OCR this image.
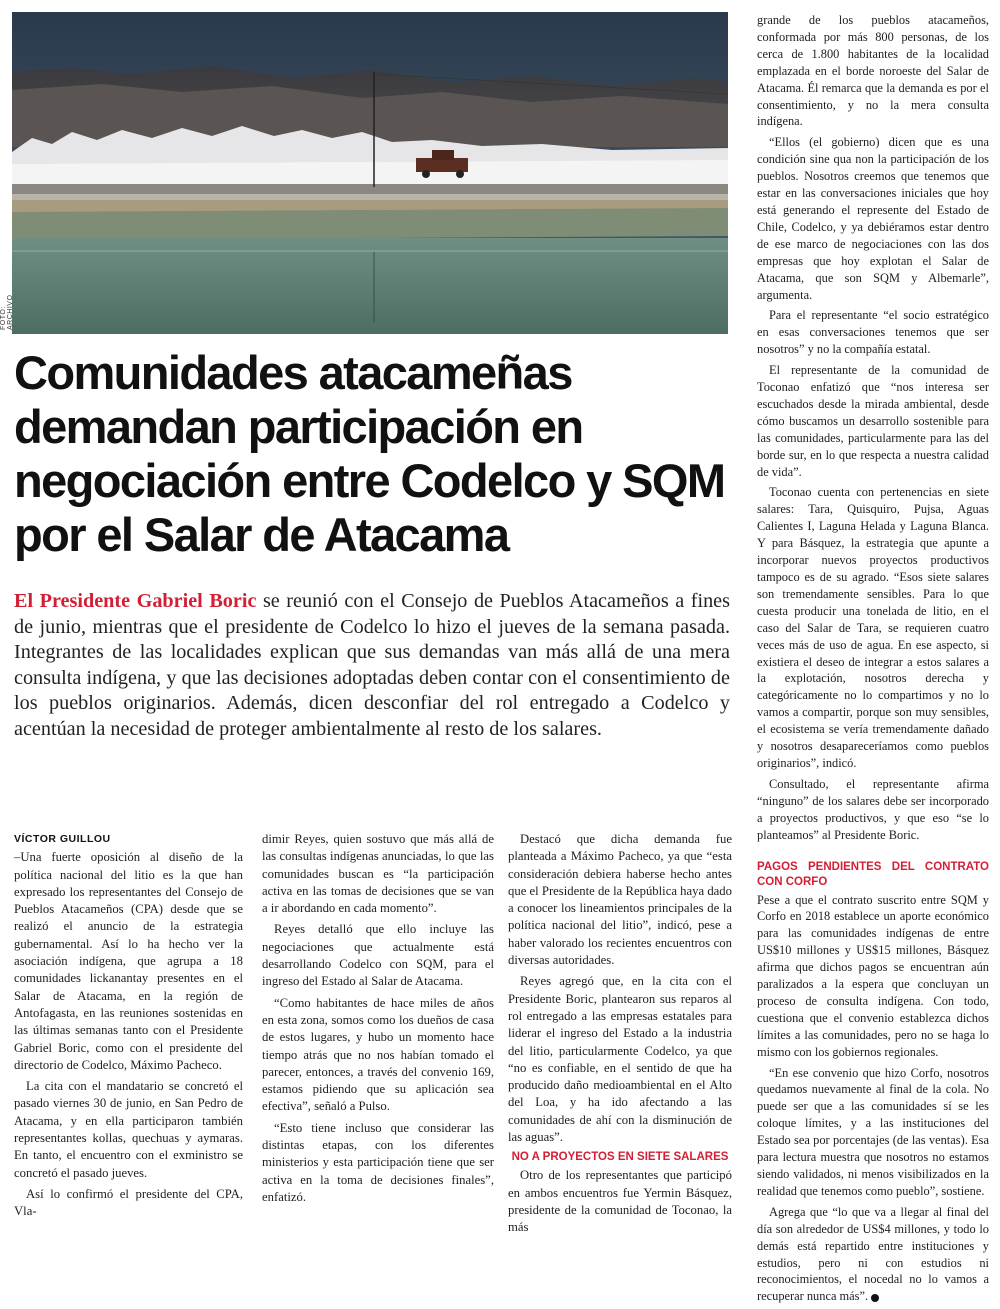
FOTO: ARCHIVO
Comunidades atacameñas demandan participación en negociación entre Codelco y SQM por el Salar de Atacama

El Presidente Gabriel Boric se reunió con el Consejo de Pueblos Atacameños a fines de junio, mientras que el presidente de Codelco lo hizo el jueves de la semana pasada. Integrantes de las localidades explican que sus demandas van más allá de una mera consulta indígena, y que las decisiones adoptadas deben contar con el consentimiento de los pueblos originarios. Además, dicen desconfiar del rol entregado a Codelco y acentúan la necesidad de proteger ambientalmente al resto de los salares.

VÍCTOR GUILLOU

–Una fuerte oposición al diseño de la política nacional del litio es la que han expresado los representantes del Consejo de Pueblos Atacameños (CPA) desde que se realizó el anuncio de la estrategia gubernamental. Así lo ha hecho ver la asociación indígena, que agrupa a 18 comunidades lickanantay presentes en el Salar de Atacama, en la región de Antofagasta, en las reuniones sostenidas en las últimas semanas tanto con el Presidente Gabriel Boric, como con el presidente del directorio de Codelco, Máximo Pacheco.

La cita con el mandatario se concretó el pasado viernes 30 de junio, en San Pedro de Atacama, y en ella participaron también representantes kollas, quechuas y aymaras. En tanto, el encuentro con el exministro se concretó el pasado jueves.

Así lo confirmó el presidente del CPA, Vla-

dimir Reyes, quien sostuvo que más allá de las consultas indígenas anunciadas, lo que las comunidades buscan es “la participación activa en las tomas de decisiones que se van a ir abordando en cada momento”.

Reyes detalló que ello incluye las negociaciones que actualmente está desarrollando Codelco con SQM, para el ingreso del Estado al Salar de Atacama.

“Como habitantes de hace miles de años en esta zona, somos como los dueños de casa de estos lugares, y hubo un momento hace tiempo atrás que no nos habían tomado el parecer, entonces, a través del convenio 169, estamos pidiendo que su aplicación sea efectiva”, señaló a Pulso.

“Esto tiene incluso que considerar las distintas etapas, con los diferentes ministerios y esta participación tiene que ser activa en la toma de decisiones finales”, enfatizó.

Destacó que dicha demanda fue planteada a Máximo Pacheco, ya que “esta consideración debiera haberse hecho antes que el Presidente de la República haya dado a conocer los lineamientos principales de la política nacional del litio”, indicó, pese a haber valorado los recientes encuentros con diversas autoridades.

Reyes agregó que, en la cita con el Presidente Boric, plantearon sus reparos al rol entregado a las empresas estatales para liderar el ingreso del Estado a la industria del litio, particularmente Codelco, ya que “no es confiable, en el sentido de que ha producido daño medioambiental en el Alto del Loa, y ha ido afectando a las comunidades de ahí con la disminución de las aguas”.

NO A PROYECTOS EN SIETE SALARES

Otro de los representantes que participó en ambos encuentros fue Yermin Básquez, presidente de la comunidad de Toconao, la más

grande de los pueblos atacameños, conformada por más 800 personas, de los cerca de 1.800 habitantes de la localidad emplazada en el borde noroeste del Salar de Atacama. Él remarca que la demanda es por el consentimiento, y no la mera consulta indígena.

“Ellos (el gobierno) dicen que es una condición sine qua non la participación de los pueblos. Nosotros creemos que tenemos que estar en las conversaciones iniciales que hoy está generando el represente del Estado de Chile, Codelco, y ya debiéramos estar dentro de ese marco de negociaciones con las dos empresas que hoy explotan el Salar de Atacama, que son SQM y Albemarle”, argumenta.

Para el representante “el socio estratégico en esas conversaciones tenemos que ser nosotros” y no la compañía estatal.

El representante de la comunidad de Toconao enfatizó que “nos interesa ser escuchados desde la mirada ambiental, desde cómo buscamos un desarrollo sostenible para las comunidades, particularmente para las del borde sur, en lo que respecta a nuestra calidad de vida”.

Toconao cuenta con pertenencias en siete salares: Tara, Quisquiro, Pujsa, Aguas Calientes I, Laguna Helada y Laguna Blanca. Y para Básquez, la estrategia que apunte a incorporar nuevos proyectos productivos tampoco es de su agrado. “Esos siete salares son tremendamente sensibles. Para lo que cuesta producir una tonelada de litio, en el caso del Salar de Tara, se requieren cuatro veces más de uso de agua. En ese aspecto, si existiera el deseo de integrar a estos salares a la explotación, nosotros derecha y categóricamente no lo compartimos y no lo vamos a compartir, porque son muy sensibles, el ecosistema se vería tremendamente dañado y nosotros desapareceríamos como pueblos originarios”, indicó.

Consultado, el representante afirma “ninguno” de los salares debe ser incorporado a proyectos productivos, y que eso “se lo planteamos” al Presidente Boric.

PAGOS PENDIENTES DEL CONTRATO CON CORFO

Pese a que el contrato suscrito entre SQM y Corfo en 2018 establece un aporte económico para las comunidades indígenas de entre US$10 millones y US$15 millones, Básquez afirma que dichos pagos se encuentran aún paralizados a la espera que concluyan un proceso de consulta indígena. Con todo, cuestiona que el convenio establezca dichos límites a las comunidades, pero no se haga lo mismo con los gobiernos regionales.

“En ese convenio que hizo Corfo, nosotros quedamos nuevamente al final de la cola. No puede ser que a las comunidades sí se les coloque límites, y a las instituciones del Estado sea por porcentajes (de las ventas). Esa para lectura muestra que nosotros no estamos siendo validados, ni menos visibilizados en la realidad que tenemos como pueblo”, sostiene.

Agrega que “lo que va a llegar al final del día son alrededor de US$4 millones, y todo lo demás está repartido entre instituciones y estudios, pero ni con estudios ni reconocimientos, el nocedal no lo vamos a recuperar nunca más”.	P
